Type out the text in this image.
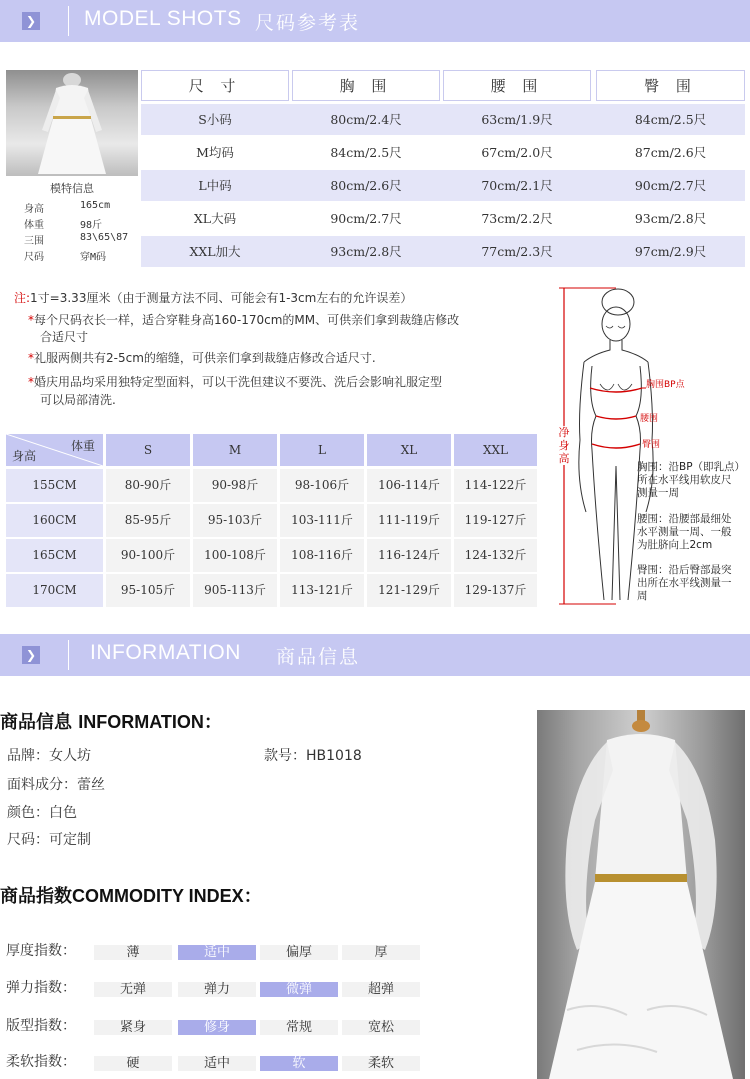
❯ MODEL SHOTS 尺码参考表
模特信息
身高	165cm
体重	98斤
三围	83\65\87
尺码	穿M码
尺 寸	胸 围	腰 围	臀 围
S小码	80cm/2.4尺	63cm/1.9尺	84cm/2.5尺
M均码	84cm/2.5尺	67cm/2.0尺	87cm/2.6尺
L中码	80cm/2.6尺	70cm/2.1尺	90cm/2.7尺
XL大码	90cm/2.7尺	73cm/2.2尺	93cm/2.8尺
XXL加大	93cm/2.8尺	77cm/2.3尺	97cm/2.9尺
注:1寸=3.33厘米（由于测量方法不同、可能会有1-3cm左右的允许误差）
*每个尺码衣长一样，适合穿鞋身高160-170cm的MM、可供亲们拿到裁缝店修改
合适尺寸
*礼服两侧共有2-5cm的缩缝，可供亲们拿到裁缝店修改合适尺寸.
*婚庆用品均采用独特定型面料，可以干洗但建议不要洗、洗后会影响礼服定型
可以局部清洗.
体重
身高	S	M	L	XL	XXL
155CM	80-90斤	90-98斤	98-106斤	106-114斤	114-122斤
160CM	85-95斤	95-103斤	103-111斤	111-119斤	119-127斤
165CM	90-100斤	100-108斤	108-116斤	116-124斤	124-132斤
170CM	95-105斤	905-113斤	113-121斤	121-129斤	129-137斤
胸围BP点
腰围
臀围
净
身
高
胸围：沿BP（即乳点）
所在水平线用软皮尺
测量一周
腰围：沿腰部最细处
水平测量一周、一般
为肚脐向上2cm
臀围：沿后臀部最突
出所在水平线测量一
周
❯	INFORMATION 商品信息
商品信息 INFORMATION：
品牌：女人坊	款号：HB1018
面料成分：蕾丝
颜色：白色
尺码：可定制
商品指数COMMODITY INDEX：
厚度指数：	薄	适中	偏厚	厚
弹力指数：	无弹	弹力	微弹	超弹
版型指数：	紧身	修身	常规	宽松
柔软指数：	硬	适中	软	柔软
